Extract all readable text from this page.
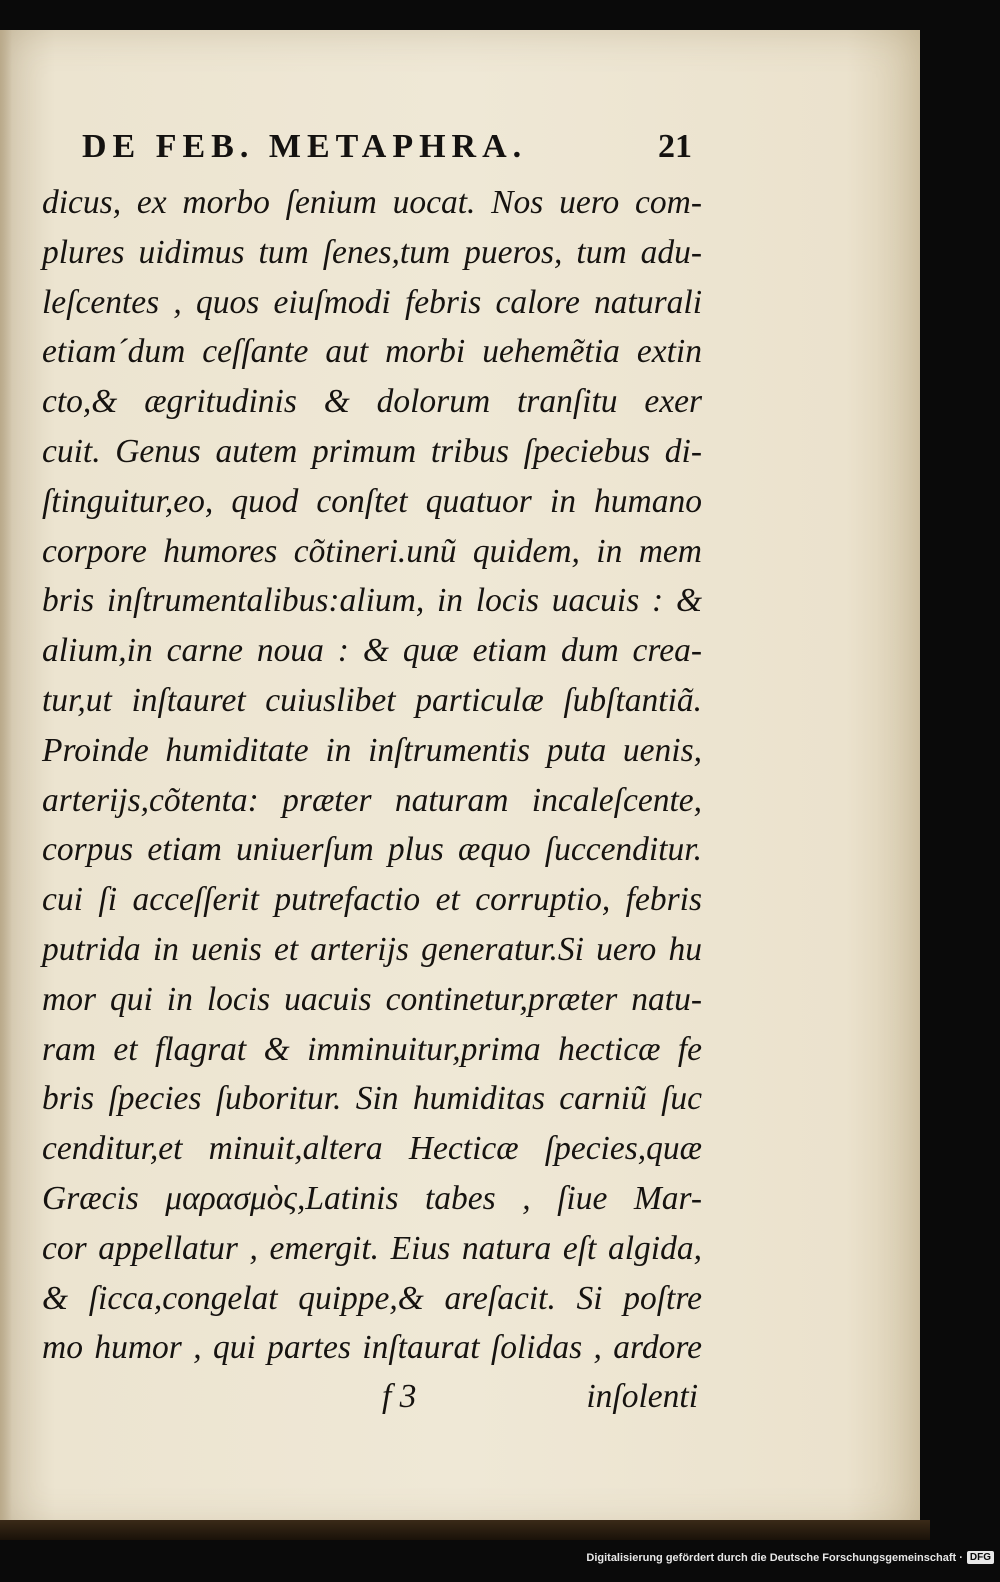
DE FEB. METAPHRA.	21
dicus, ex morbo ſenium uocat. Nos uero com-
plures uidimus tum ſenes,tum pueros, tum adu-
leſcentes , quos eiuſmodi febris calore naturali
etiam´dum ceſſante aut morbi uehemẽtia extin
cto,& ægritudinis & dolorum tranſitu exer
cuit. Genus autem primum tribus ſpeciebus di-
ſtinguitur,eo, quod conſtet quatuor in humano
corpore humores cõtineri.unũ quidem, in mem
bris inſtrumentalibus:alium, in locis uacuis : &
alium,in carne noua : & quæ etiam dum crea-
tur,ut inſtauret cuiuslibet particulæ ſubſtantiã.
Proinde humiditate in inſtrumentis puta uenis,
arterijs,cõtenta: præter naturam incaleſcente,
corpus etiam uniuerſum plus æquo ſuccenditur.
cui ſi acceſſerit putrefactio et corruptio, febris
putrida in uenis et arterijs generatur.Si uero hu
mor qui in locis uacuis continetur,præter natu-
ram et flagrat & imminuitur,prima hecticæ fe
bris ſpecies ſuboritur. Sin humiditas carniũ ſuc
cenditur,et minuit,altera Hecticæ ſpecies,quæ
Græcis μαρασμὸς,Latinis tabes , ſiue Mar-
cor appellatur , emergit. Eius natura eſt algida,
& ſicca,congelat quippe,& areſacit. Si poſtre
mo humor , qui partes inſtaurat ſolidas , ardore
f 3	inſolenti
Digitalisierung gefördert durch die Deutsche Forschungsgemeinschaft · DFG
